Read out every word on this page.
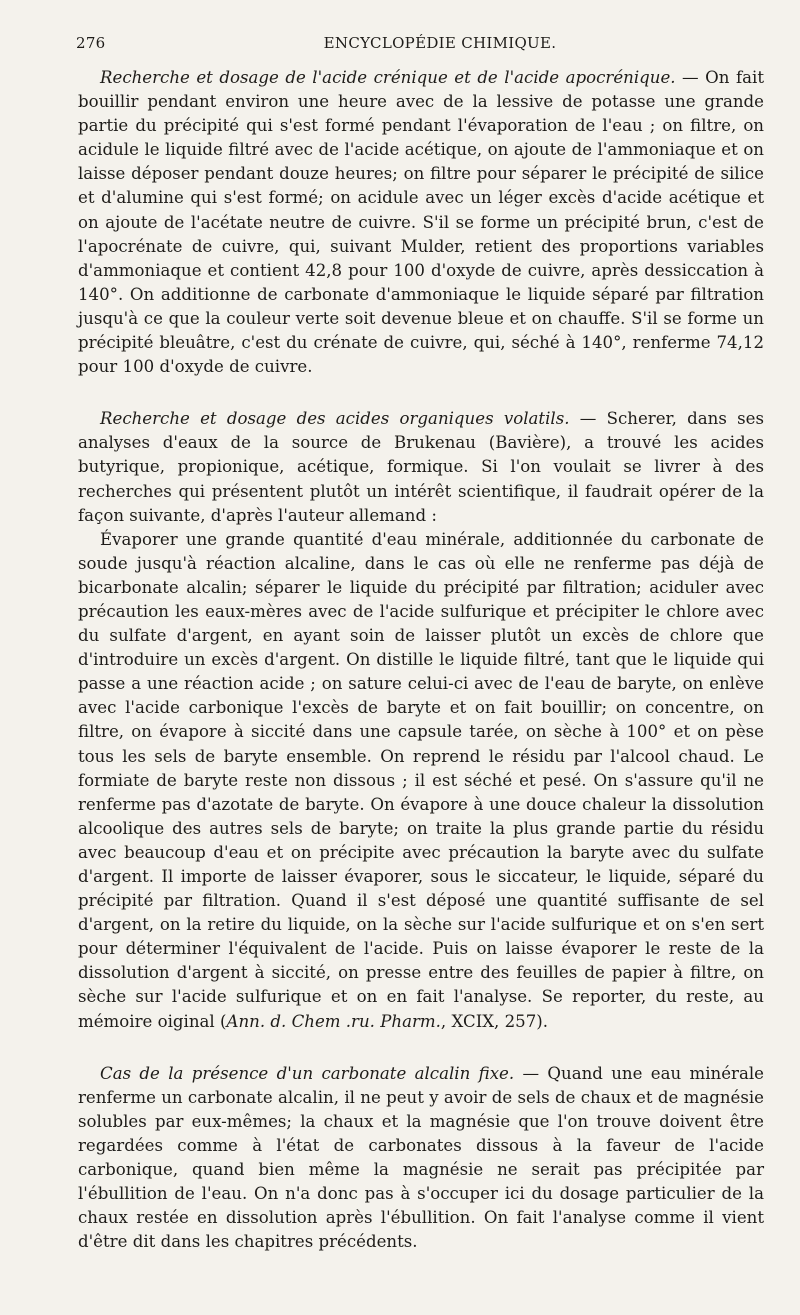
276	ENCYCLOPÉDIE CHIMIQUE.

Recherche et dosage de l'acide crénique et de l'acide apocrénique. — On fait bouillir pendant environ une heure avec de la lessive de potasse une grande partie du précipité qui s'est formé pendant l'évaporation de l'eau ; on filtre, on acidule le liquide filtré avec de l'acide acétique, on ajoute de l'ammoniaque et on laisse déposer pendant douze heures; on filtre pour séparer le précipité de silice et d'alumine qui s'est formé; on acidule avec un léger excès d'acide acétique et on ajoute de l'acétate neutre de cuivre. S'il se forme un précipité brun, c'est de l'apocrénate de cuivre, qui, suivant Mulder, retient des proportions variables d'ammoniaque et contient 42,8 pour 100 d'oxyde de cuivre, après dessiccation à 140°. On additionne de carbonate d'ammoniaque le liquide séparé par filtration jusqu'à ce que la couleur verte soit devenue bleue et on chauffe. S'il se forme un précipité bleuâtre, c'est du crénate de cuivre, qui, séché à 140°, renferme 74,12 pour 100 d'oxyde de cuivre.

Recherche et dosage des acides organiques volatils. — Scherer, dans ses analyses d'eaux de la source de Brukenau (Bavière), a trouvé les acides butyrique, propionique, acétique, formique. Si l'on voulait se livrer à des recherches qui présentent plutôt un intérêt scientifique, il faudrait opérer de la façon suivante, d'après l'auteur allemand :

Évaporer une grande quantité d'eau minérale, additionnée du carbonate de soude jusqu'à réaction alcaline, dans le cas où elle ne renferme pas déjà de bicarbonate alcalin; séparer le liquide du précipité par filtration; aciduler avec précaution les eaux-mères avec de l'acide sulfurique et précipiter le chlore avec du sulfate d'argent, en ayant soin de laisser plutôt un excès de chlore que d'introduire un excès d'argent. On distille le liquide filtré, tant que le liquide qui passe a une réaction acide ; on sature celui-ci avec de l'eau de baryte, on enlève avec l'acide carbonique l'excès de baryte et on fait bouillir; on concentre, on filtre, on évapore à siccité dans une capsule tarée, on sèche à 100° et on pèse tous les sels de baryte ensemble. On reprend le résidu par l'alcool chaud. Le formiate de baryte reste non dissous ; il est séché et pesé. On s'assure qu'il ne renferme pas d'azotate de baryte. On évapore à une douce chaleur la dissolution alcoolique des autres sels de baryte; on traite la plus grande partie du résidu avec beaucoup d'eau et on précipite avec précaution la baryte avec du sulfate d'argent. Il importe de laisser évaporer, sous le siccateur, le liquide, séparé du précipité par filtration. Quand il s'est déposé une quantité suffisante de sel d'argent, on la retire du liquide, on la sèche sur l'acide sulfurique et on s'en sert pour déterminer l'équivalent de l'acide. Puis on laisse évaporer le reste de la dissolution d'argent à siccité, on presse entre des feuilles de papier à filtre, on sèche sur l'acide sulfurique et on en fait l'analyse. Se reporter, du reste, au mémoire oiginal (Ann. d. Chem .ru. Pharm., XCIX, 257).

Cas de la présence d'un carbonate alcalin fixe. — Quand une eau minérale renferme un carbonate alcalin, il ne peut y avoir de sels de chaux et de magnésie solubles par eux-mêmes; la chaux et la magnésie que l'on trouve doivent être regardées comme à l'état de carbonates dissous à la faveur de l'acide carbonique, quand bien même la magnésie ne serait pas précipitée par l'ébullition de l'eau. On n'a donc pas à s'occuper ici du dosage particulier de la chaux restée en dissolution après l'ébullition. On fait l'analyse comme il vient d'être dit dans les chapitres précédents.
